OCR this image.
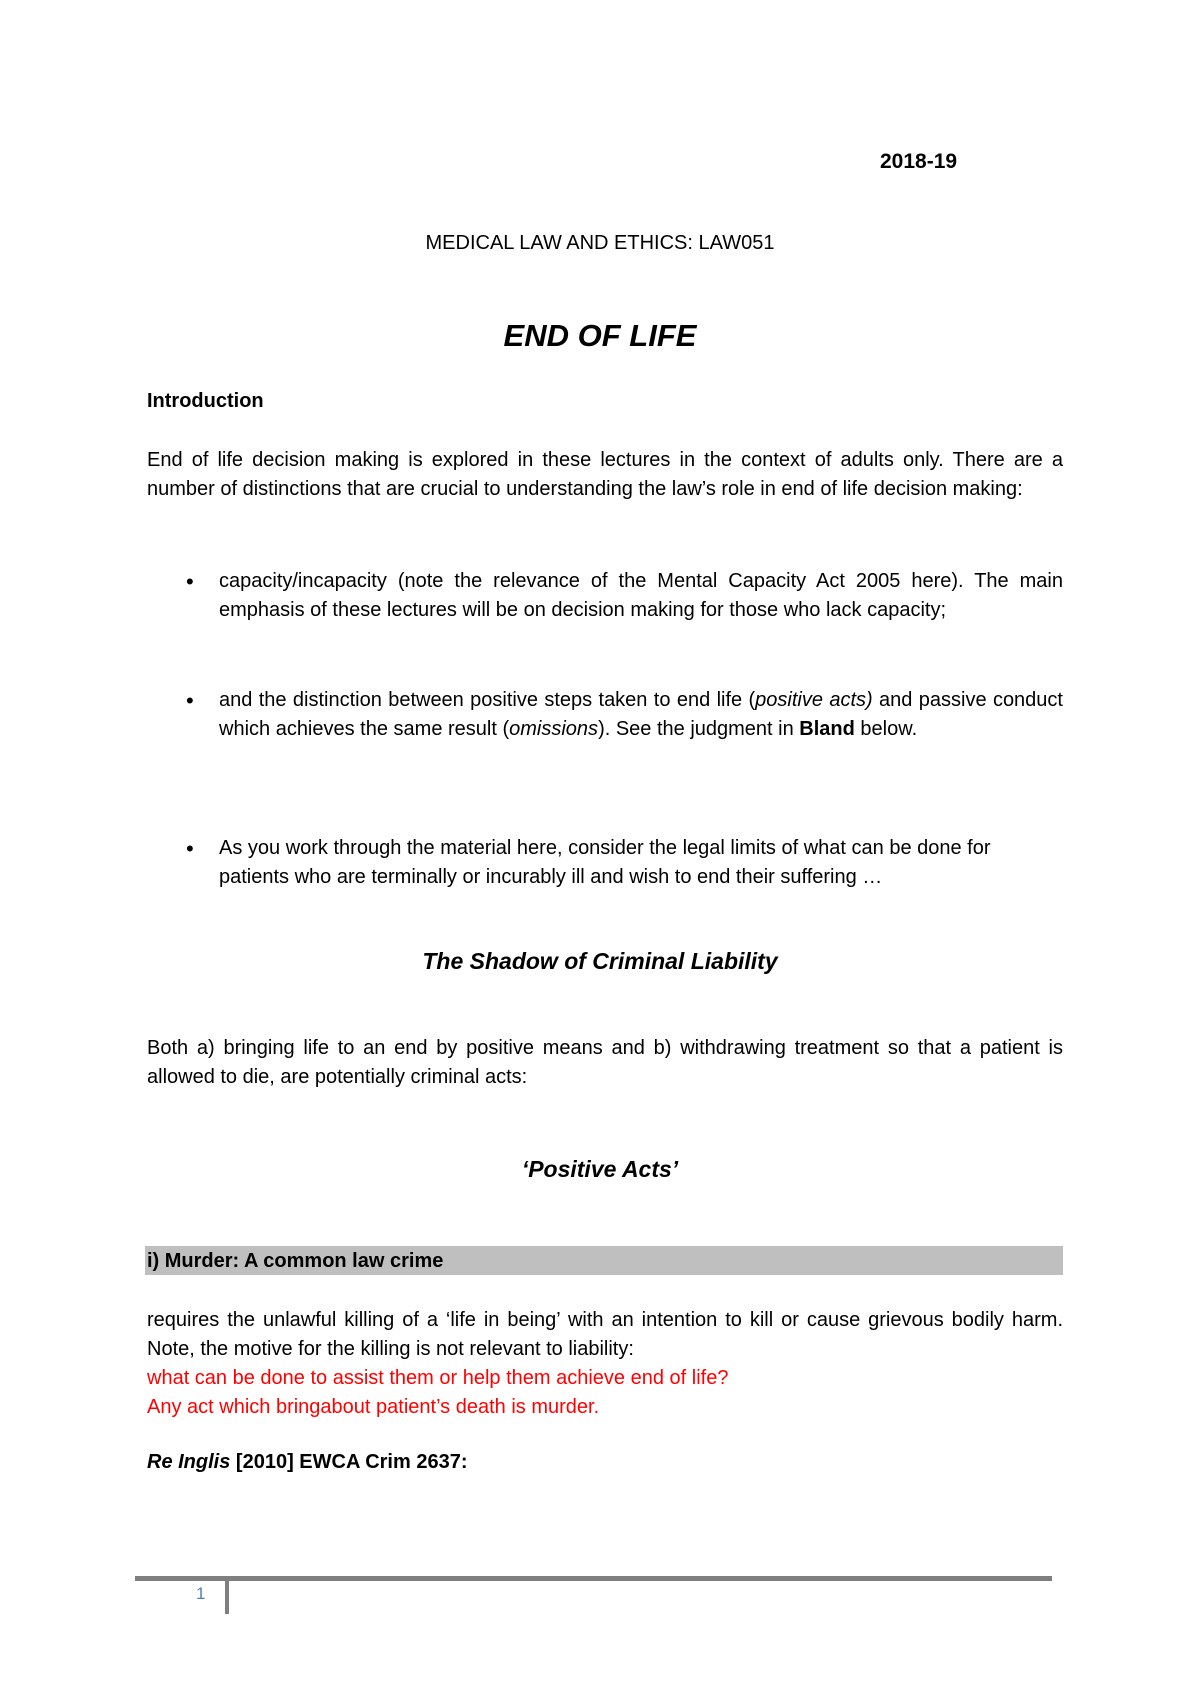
2018-19
MEDICAL LAW AND ETHICS: LAW051
END OF LIFE
Introduction
End of life decision making is explored in these lectures in the context of adults only. There are a number of distinctions that are crucial to understanding the law’s role in end of life decision making:
• capacity/incapacity (note the relevance of the Mental Capacity Act 2005 here). The main emphasis of these lectures will be on decision making for those who lack capacity;
• and the distinction between positive steps taken to end life (positive acts) and passive conduct which achieves the same result (omissions). See the judgment in Bland below.
• As you work through the material here, consider the legal limits of what can be done for patients who are terminally or incurably ill and wish to end their suffering …
The Shadow of Criminal Liability
Both a) bringing life to an end by positive means and b) withdrawing treatment so that a patient is allowed to die, are potentially criminal acts:
‘Positive Acts’
i) Murder: A common law crime
requires the unlawful killing of a ‘life in being’ with an intention to kill or cause grievous bodily harm. Note, the motive for the killing is not relevant to liability:
what can be done to assist them or help them achieve end of life?
Any act which bringabout patient’s death is murder.
Re Inglis [2010] EWCA Crim 2637:
1
